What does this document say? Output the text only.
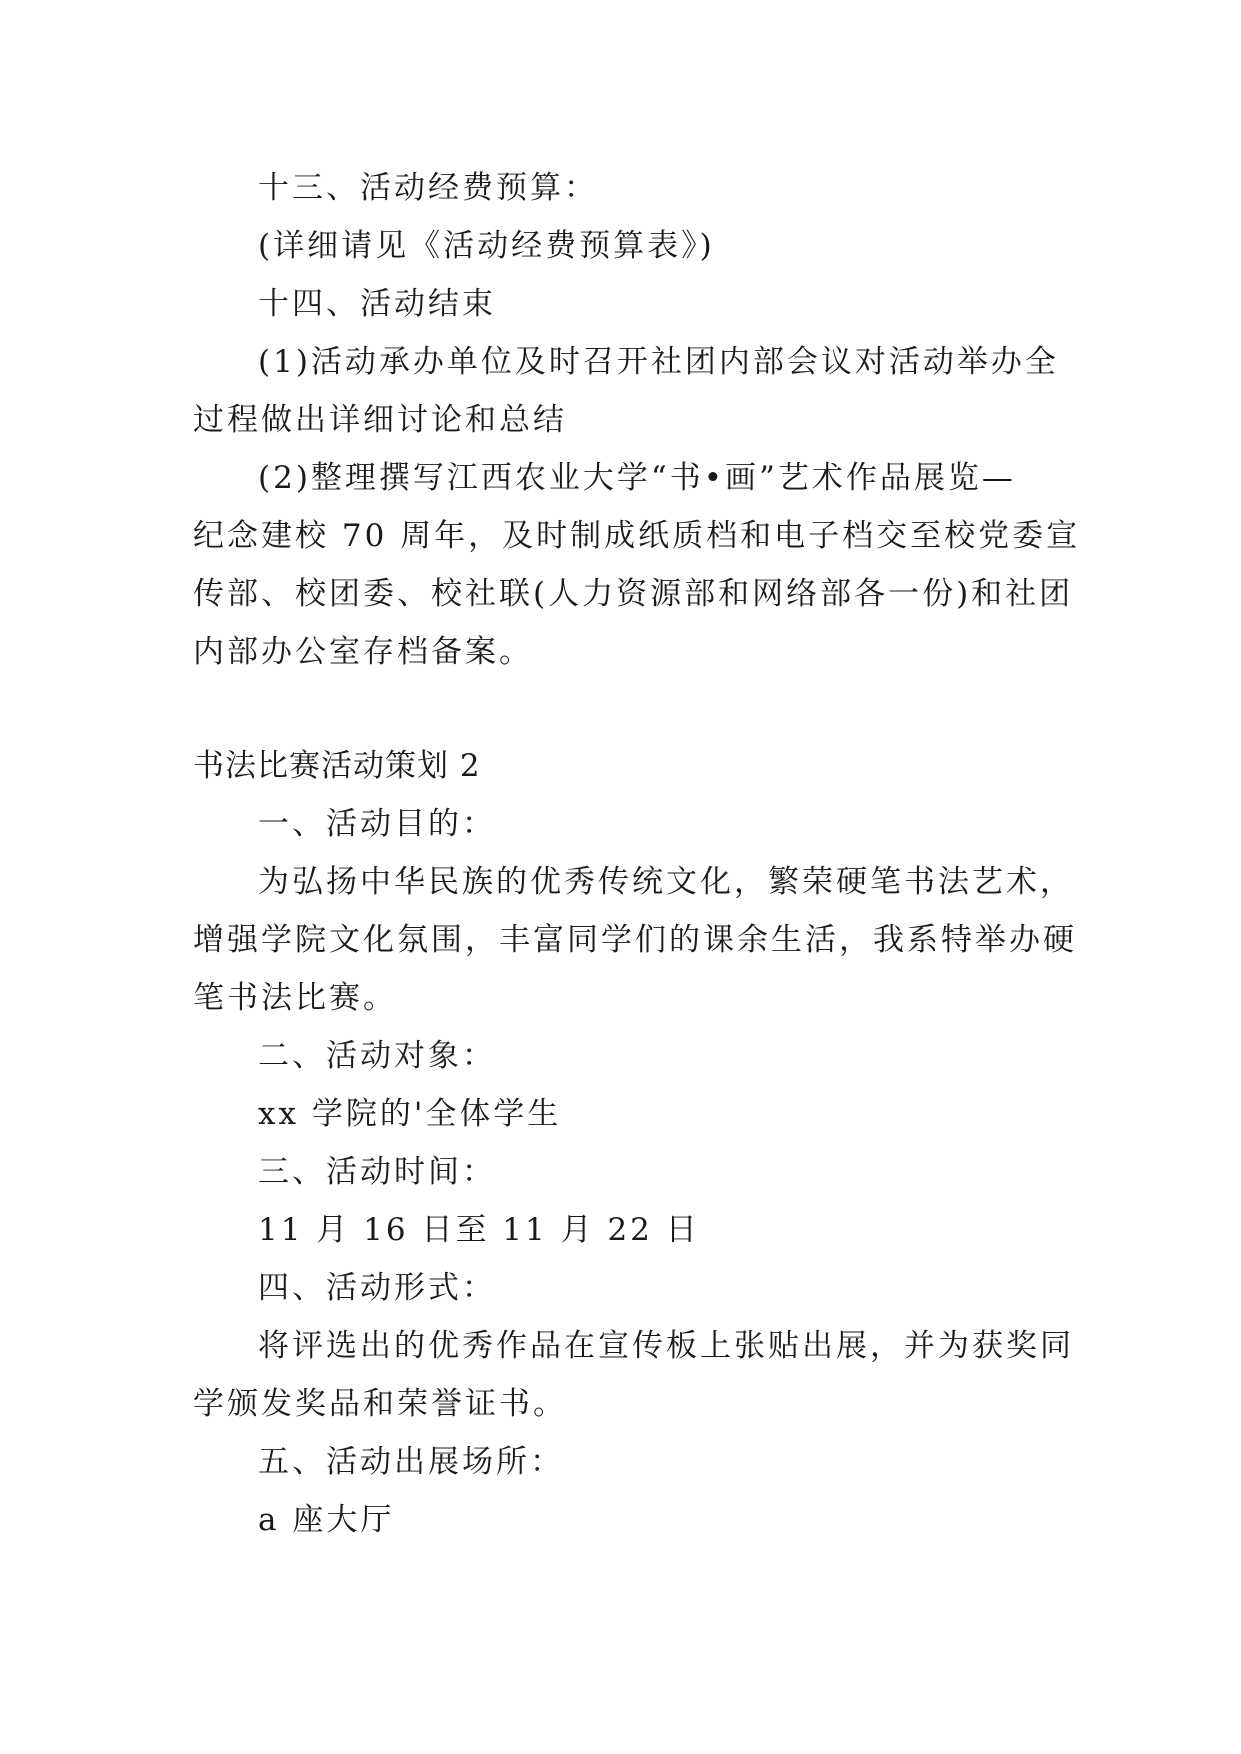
十三、活动经费预算：
(详细请见《活动经费预算表》)
十四、活动结束
(1)活动承办单位及时召开社团内部会议对活动举办全
过程做出详细讨论和总结
(2)整理撰写江西农业大学“书•画”艺术作品展览—
纪念建校 70 周年，及时制成纸质档和电子档交至校党委宣
传部、校团委、校社联(人力资源部和网络部各一份)和社团
内部办公室存档备案。
书法比赛活动策划 2
一、活动目的：
为弘扬中华民族的优秀传统文化，繁荣硬笔书法艺术，
增强学院文化氛围，丰富同学们的课余生活，我系特举办硬
笔书法比赛。
二、活动对象：
xx 学院的'全体学生
三、活动时间：
11 月 16 日至 11 月 22 日
四、活动形式：
将评选出的优秀作品在宣传板上张贴出展，并为获奖同
学颁发奖品和荣誉证书。
五、活动出展场所：
a 座大厅
